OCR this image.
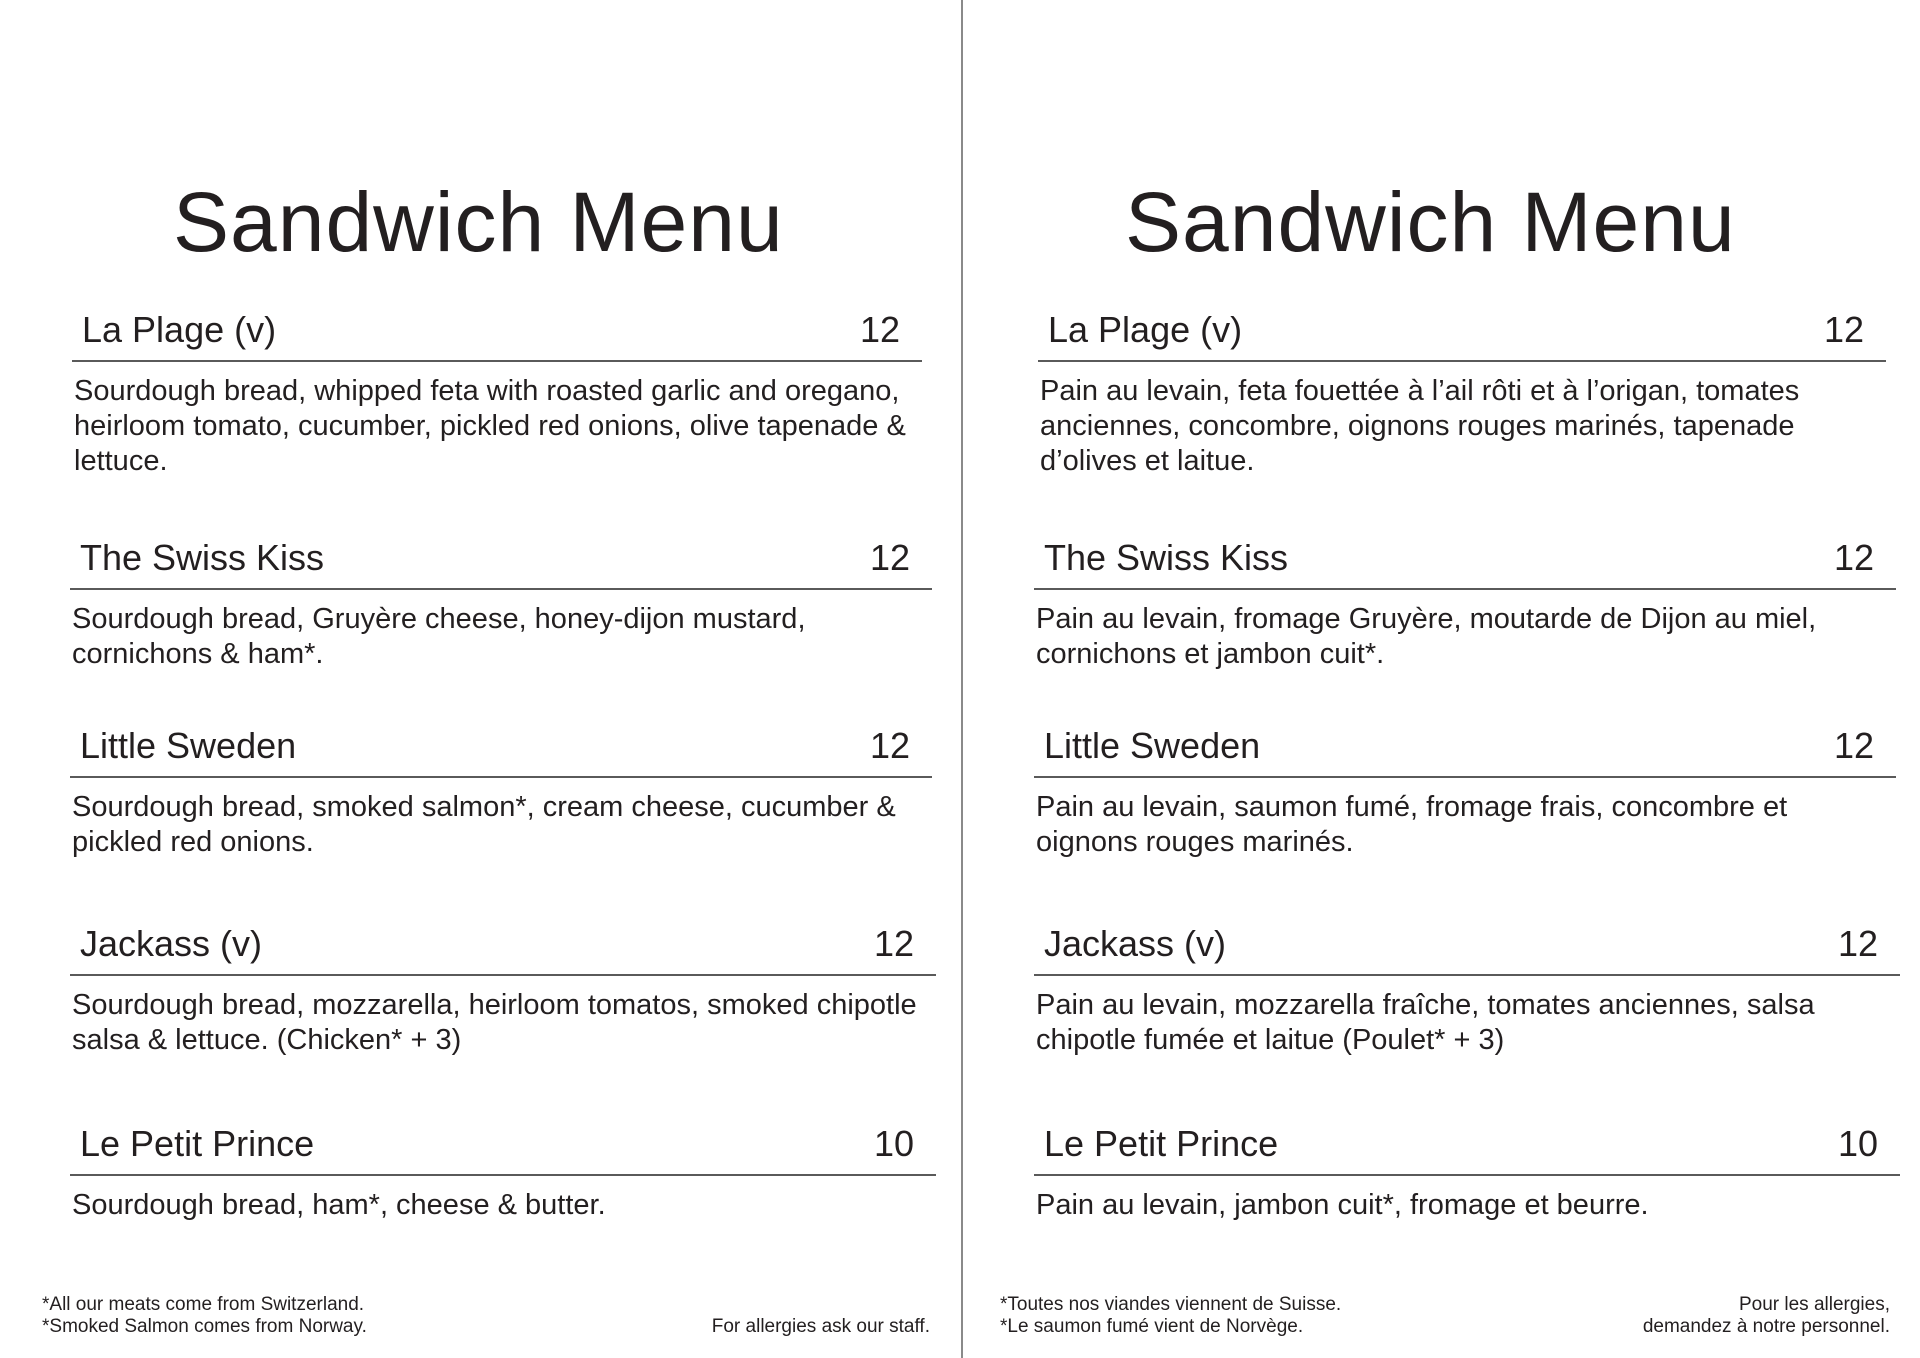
Sandwich Menu
La Plage (v)	12
Sourdough bread, whipped feta with roasted garlic and oregano, heirloom tomato, cucumber, pickled red onions, olive tapenade & lettuce.
The Swiss Kiss	12
Sourdough bread, Gruyère cheese, honey-dijon mustard, cornichons & ham*.
Little Sweden	12
Sourdough bread, smoked salmon*, cream cheese, cucumber & pickled red onions.
Jackass (v)	12
Sourdough bread, mozzarella, heirloom tomatos, smoked chipotle salsa & lettuce. (Chicken* + 3)
Le Petit Prince	10
Sourdough bread, ham*, cheese & butter.
*All our meats come from Switzerland.
*Smoked Salmon comes from Norway.	For allergies ask our staff.
Sandwich Menu
La Plage (v)	12
Pain au levain, feta fouettée à l’ail rôti et à l’origan, tomates anciennes, concombre, oignons rouges marinés, tapenade d’olives et laitue.
The Swiss Kiss	12
Pain au levain, fromage Gruyère, moutarde de Dijon au miel, cornichons et jambon cuit*.
Little Sweden	12
Pain au levain, saumon fumé, fromage frais, concombre et oignons rouges marinés.
Jackass (v)	12
Pain au levain, mozzarella fraîche, tomates anciennes, salsa chipotle fumée et laitue (Poulet* + 3)
Le Petit Prince	10
Pain au levain, jambon cuit*, fromage et beurre.
*Toutes nos viandes viennent de Suisse.
*Le saumon fumé vient de Norvège.
Pour les allergies,
demandez à notre personnel.
